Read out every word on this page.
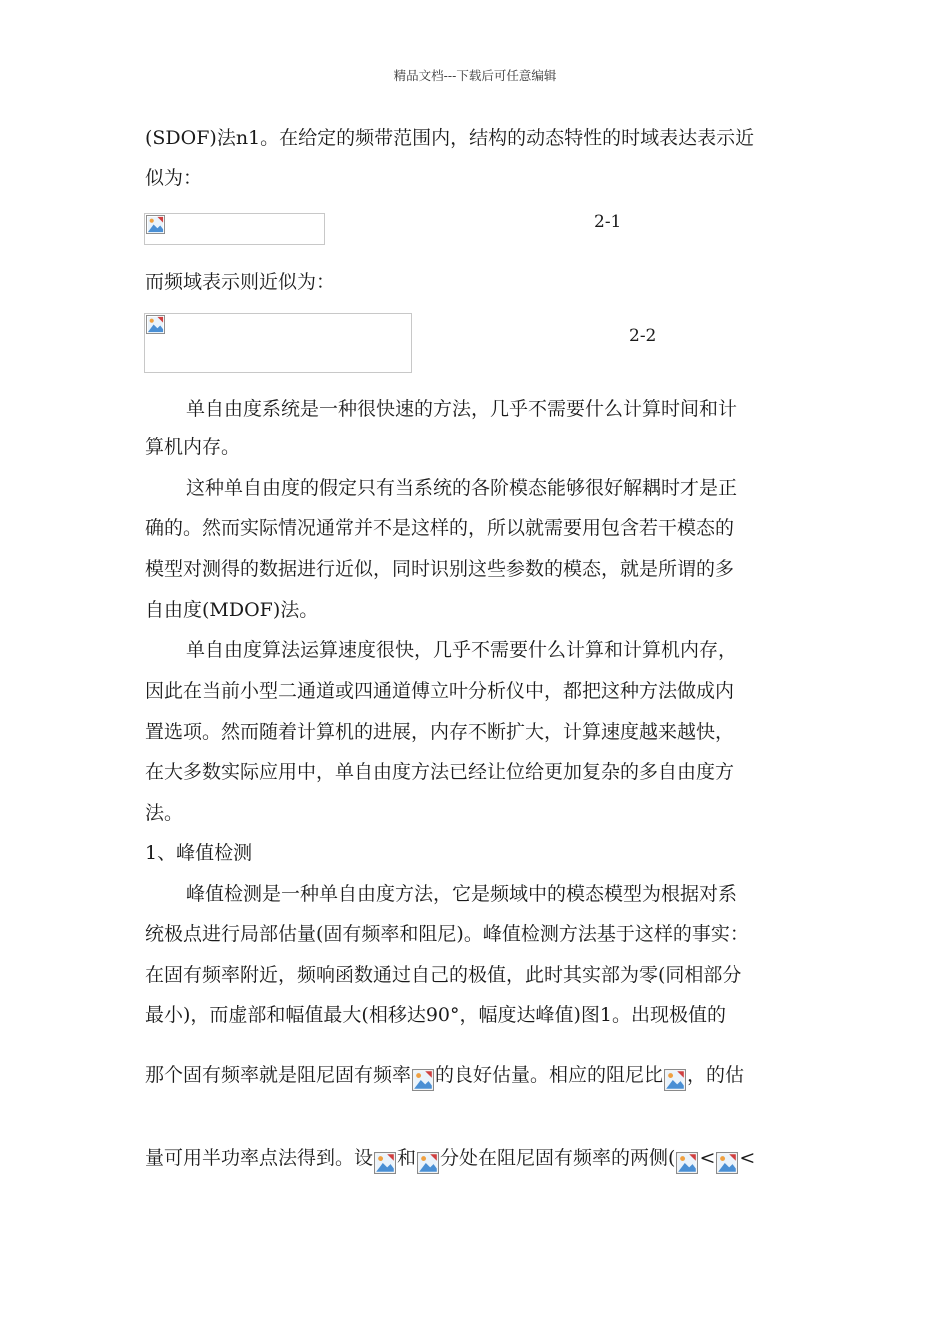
精品文档---下载后可任意编辑
(SDOF)法n1。在给定的频带范围内，结构的动态特性的时域表达表示近
似为：
2-1
而频域表示则近似为：
2-2
单自由度系统是一种很快速的方法，几乎不需要什么计算时间和计
算机内存。
这种单自由度的假定只有当系统的各阶模态能够很好解耦时才是正
确的。然而实际情况通常并不是这样的，所以就需要用包含若干模态的
模型对测得的数据进行近似，同时识别这些参数的模态，就是所谓的多
自由度(MDOF)法。
单自由度算法运算速度很快，几乎不需要什么计算和计算机内存，
因此在当前小型二通道或四通道傅立叶分析仪中，都把这种方法做成内
置选项。然而随着计算机的进展，内存不断扩大，计算速度越来越快，
在大多数实际应用中，单自由度方法已经让位给更加复杂的多自由度方
法。
1、峰值检测
峰值检测是一种单自由度方法，它是频域中的模态模型为根据对系
统极点进行局部估量(固有频率和阻尼)。峰值检测方法基于这样的事实：
在固有频率附近，频响函数通过自己的极值，此时其实部为零(同相部分
最小)，而虚部和幅值最大(相移达90°，幅度达峰值)图1。出现极值的
那个固有频率就是阻尼固有频率 的良好估量。相应的阻尼比 ，的估
量可用半功率点法得到。设 和 分处在阻尼固有频率的两侧( < <
